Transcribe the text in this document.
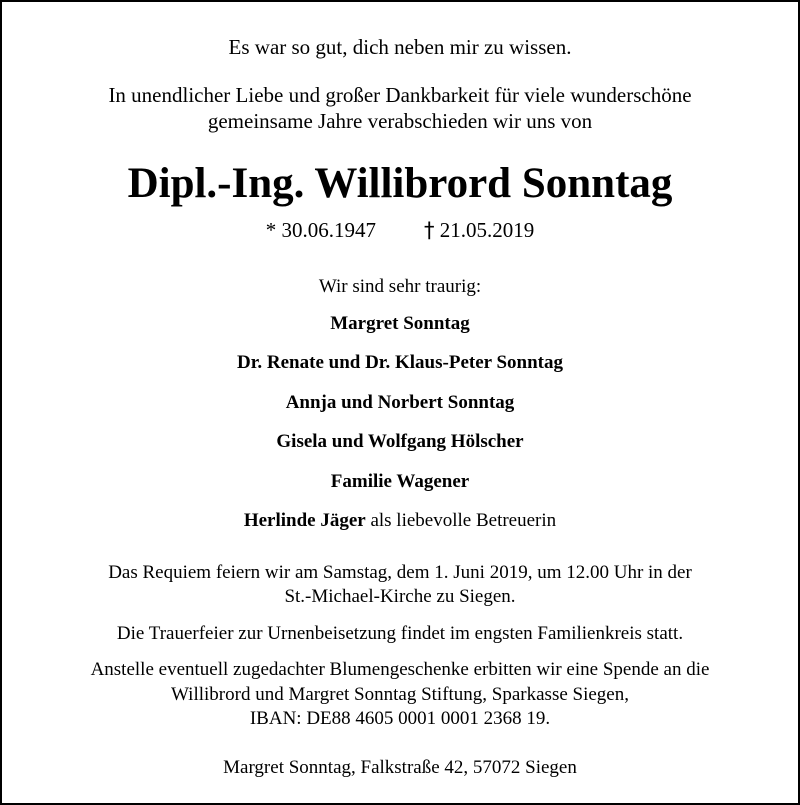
Es war so gut, dich neben mir zu wissen.
In unendlicher Liebe und großer Dankbarkeit für viele wunderschöne
gemeinsame Jahre verabschieden wir uns von
Dipl.-Ing. Willibrord Sonntag
* 30.06.1947 † 21.05.2019
Wir sind sehr traurig:
Margret Sonntag
Dr. Renate und Dr. Klaus-Peter Sonntag
Annja und Norbert Sonntag
Gisela und Wolfgang Hölscher
Familie Wagener
Herlinde Jäger als liebevolle Betreuerin
Das Requiem feiern wir am Samstag, dem 1. Juni 2019, um 12.00 Uhr in der
St.-Michael-Kirche zu Siegen.
Die Trauerfeier zur Urnenbeisetzung findet im engsten Familienkreis statt.
Anstelle eventuell zugedachter Blumengeschenke erbitten wir eine Spende an die
Willibrord und Margret Sonntag Stiftung, Sparkasse Siegen,
IBAN: DE88 4605 0001 0001 2368 19.
Margret Sonntag, Falkstraße 42, 57072 Siegen
